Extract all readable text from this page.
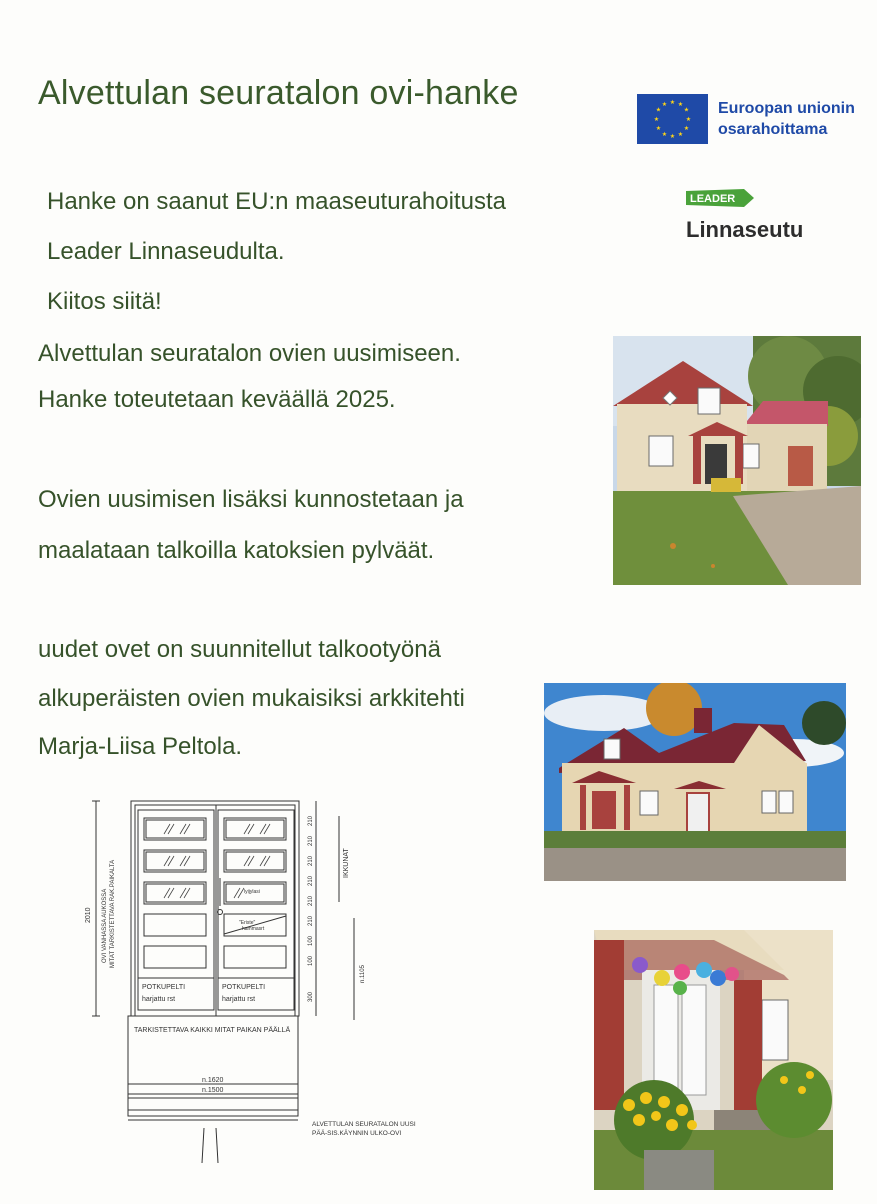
Alvettulan seuratalon ovi-hanke	★ ★
★
★
★
★
★
★
★
★
★
★	Euroopan unionin
osarahoittama
LEADER
Linnaseutu
Hanke on saanut EU:n maaseuturahoitusta
Leader Linnaseudulta.
Kiitos siitä!
Alvettulan seuratalon ovien uusimiseen.
Hanke toteutetaan keväällä 2025.
Ovien uusimisen lisäksi kunnostetaan ja
maalataan talkoilla katoksien pylväät.
uudet ovet on suunnitellut talkootyönä
alkuperäisten ovien mukaisiksi arkkitehti
Marja-Liisa Peltola.
2010 OVI VANHASSA AUKOSSA MITAT TARKISTETTAVA RAK.PAIKALTA	IKKUNAT
n.1105
210
210
210
210
210
210
100
100
300
lyijylasi
"Eriste"
hammasrt
POTKUPELTI
harjattu rst
POTKUPELTI
harjattu rst
TARKISTETTAVA KAIKKI MITAT PAIKAN PÄÄLLÄ
n.1620
n.1500
ALVETTULAN SEURATALON UUSI
PÄÄ-SIS.KÄYNNIN ULKO-OVI
